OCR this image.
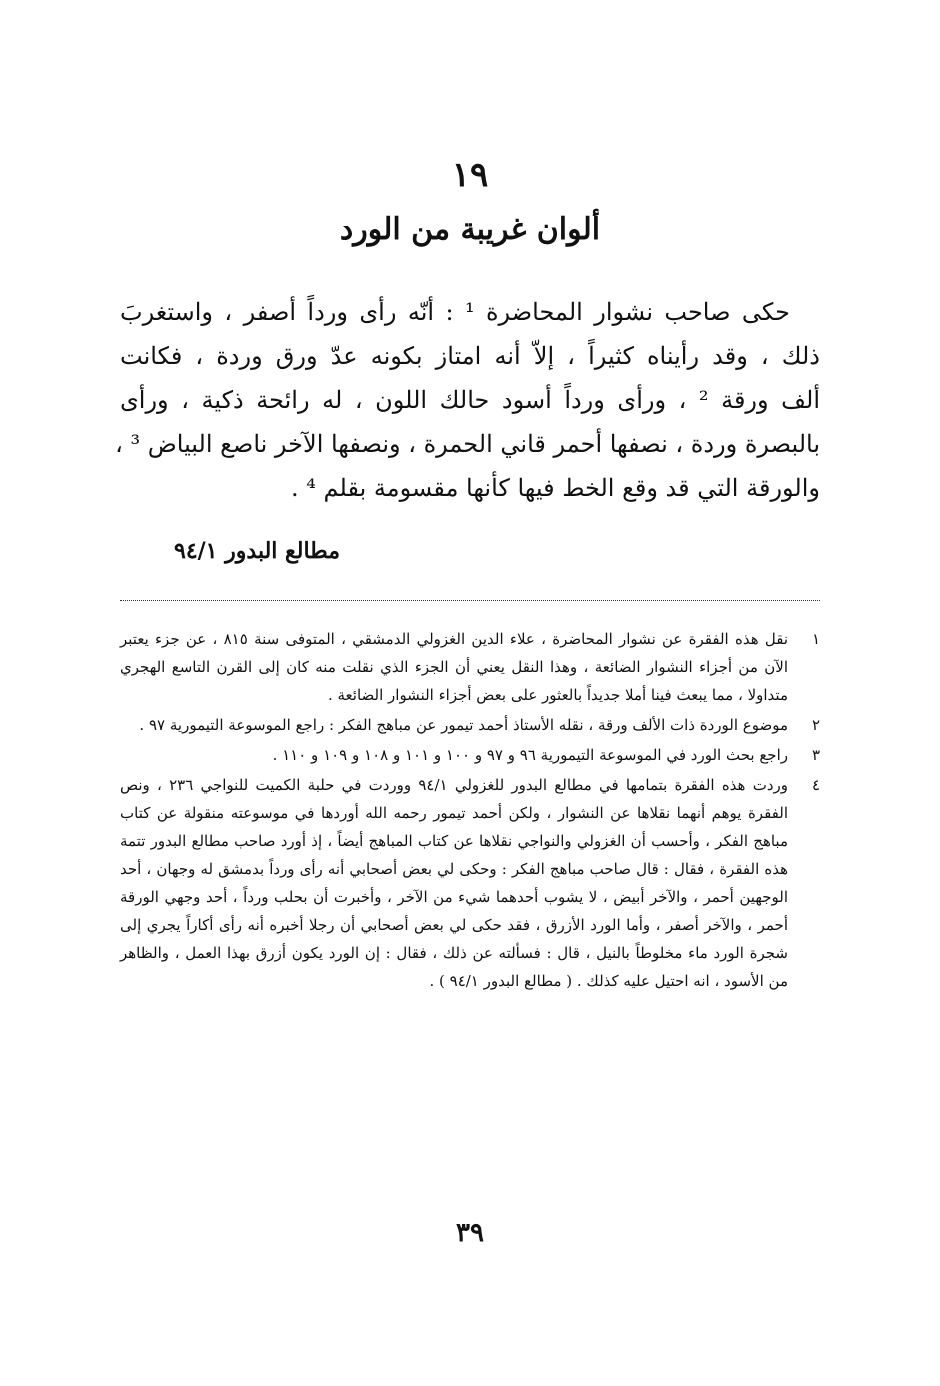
١٩
ألوان غريبة من الورد
حكى صاحب نشوار المحاضرة ¹ : أنّه رأى ورداً أصفر ، واستغربَ
ذلك ، وقد رأيناه كثيراً ، إلاّ أنه امتاز بكونه عدّ ورق وردة ، فكانت
ألف ورقة ² ، ورأى ورداً أسود حالك اللون ، له رائحة ذكية ، ورأى
بالبصرة وردة ، نصفها أحمر قاني الحمرة ، ونصفها الآخر ناصع البياض ³ ،
والورقة التي قد وقع الخط فيها كأنها مقسومة بقلم ⁴ .
مطالع البدور ٩٤/١
١
نقل هذه الفقرة عن نشوار المحاضرة ، علاء الدين الغزولي الدمشقي ، المتوفى سنة ٨١٥ ، عن جزء يعتبر الآن من أجزاء النشوار الضائعة ، وهذا النقل يعني أن الجزء الذي نقلت منه كان إلى القرن التاسع الهجري متداولا ، مما يبعث فينا أملا جديداً بالعثور على بعض أجزاء النشوار الضائعة .
٢
موضوع الوردة ذات الألف ورقة ، نقله الأستاذ أحمد تيمور عن مباهج الفكر : راجع الموسوعة التيمورية ٩٧ .
٣
راجع بحث الورد في الموسوعة التيمورية ٩٦ و ٩٧ و ١٠٠ و ١٠١ و ١٠٨ و ١٠٩ و ١١٠ .
٤
وردت هذه الفقرة بتمامها في مطالع البدور للغزولي ٩٤/١ ووردت في حلبة الكميت للنواجي ٢٣٦ ، ونص الفقرة يوهم أنهما نقلاها عن النشوار ، ولكن أحمد تيمور رحمه الله أوردها في موسوعته منقولة عن كتاب مباهج الفكر ، وأحسب أن الغزولي والنواجي نقلاها عن كتاب المباهج أيضاً ، إذ أورد صاحب مطالع البدور تتمة هذه الفقرة ، فقال : قال صاحب مباهج الفكر : وحكى لي بعض أصحابي أنه رأى ورداً بدمشق له وجهان ، أحد الوجهين أحمر ، والآخر أبيض ، لا يشوب أحدهما شيء من الآخر ، وأخبرت أن بحلب ورداً ، أحد وجهي الورقة أحمر ، والآخر أصفر ، وأما الورد الأزرق ، فقد حكى لي بعض أصحابي أن رجلا أخبره أنه رأى أكاراً يجري إلى شجرة الورد ماء مخلوطاً بالنيل ، قال : فسألته عن ذلك ، فقال : إن الورد يكون أزرق بهذا العمل ، والظاهر من الأسود ، انه احتيل عليه كذلك . ( مطالع البدور ٩٤/١ ) .
٣٩
